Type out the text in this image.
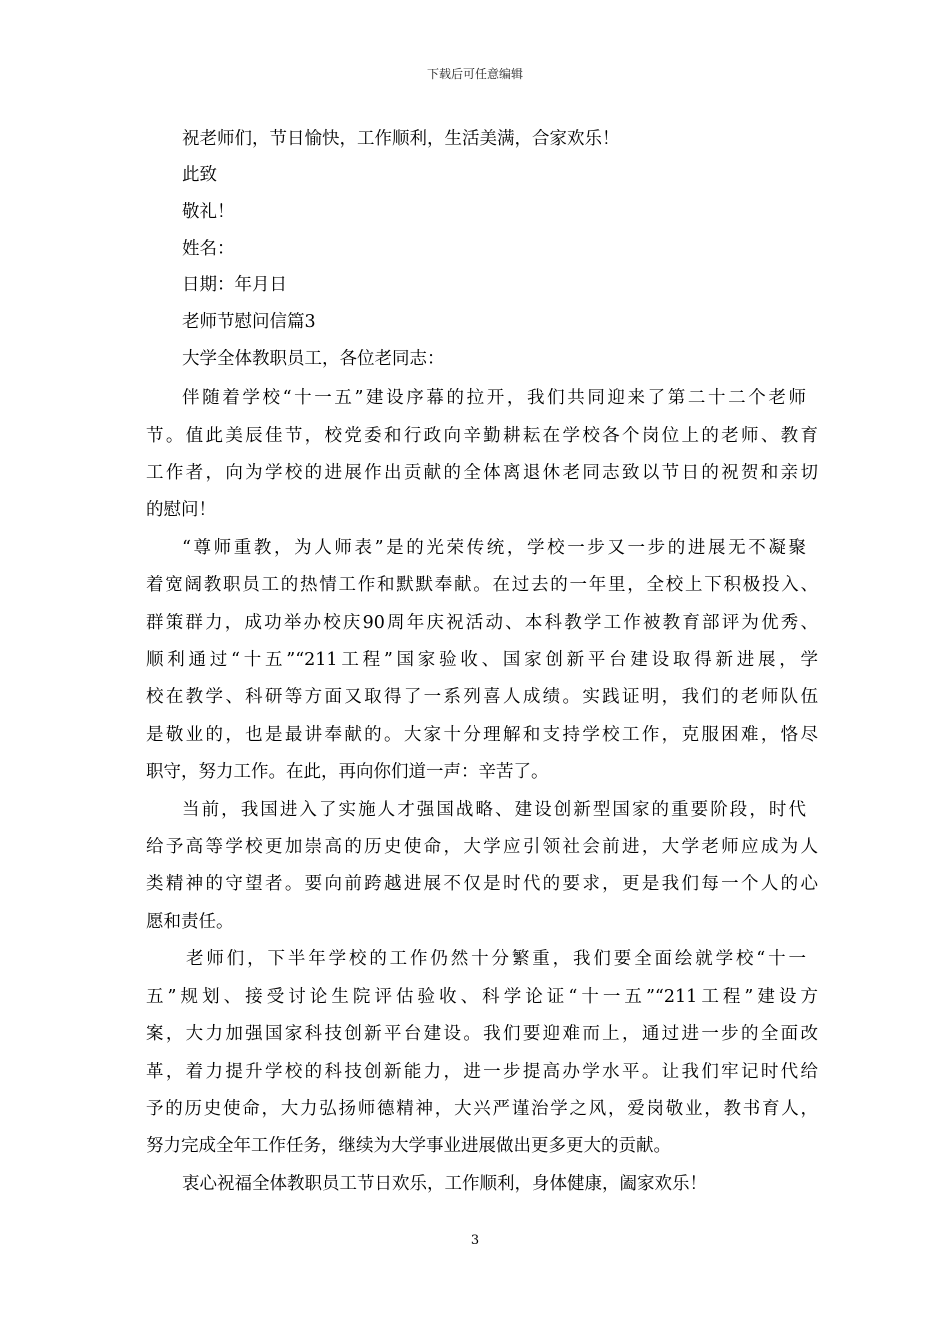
下载后可任意编辑
祝老师们，节日愉快，工作顺利，生活美满，合家欢乐！
此致
敬礼！
姓名：
日期：年月日
老师节慰问信篇3
大学全体教职员工，各位老同志：
伴随着学校“十一五”建设序幕的拉开，我们共同迎来了第二十二个老师
节。值此美辰佳节，校党委和行政向辛勤耕耘在学校各个岗位上的老师、教育
工作者，向为学校的进展作出贡献的全体离退休老同志致以节日的祝贺和亲切
的慰问！
“尊师重教，为人师表”是的光荣传统，学校一步又一步的进展无不凝聚
着宽阔教职员工的热情工作和默默奉献。在过去的一年里，全校上下积极投入、
群策群力，成功举办校庆90周年庆祝活动、本科教学工作被教育部评为优秀、
顺利通过“十五”“211工程”国家验收、国家创新平台建设取得新进展，学
校在教学、科研等方面又取得了一系列喜人成绩。实践证明，我们的老师队伍
是敬业的，也是最讲奉献的。大家十分理解和支持学校工作，克服困难，恪尽
职守，努力工作。在此，再向你们道一声：辛苦了。
当前，我国进入了实施人才强国战略、建设创新型国家的重要阶段，时代
给予高等学校更加崇高的历史使命，大学应引领社会前进，大学老师应成为人
类精神的守望者。要向前跨越进展不仅是时代的要求，更是我们每一个人的心
愿和责任。
老师们，下半年学校的工作仍然十分繁重，我们要全面绘就学校“十一
五”规划、接受讨论生院评估验收、科学论证“十一五”“211工程”建设方
案，大力加强国家科技创新平台建设。我们要迎难而上，通过进一步的全面改
革，着力提升学校的科技创新能力，进一步提高办学水平。让我们牢记时代给
予的历史使命，大力弘扬师德精神，大兴严谨治学之风，爱岗敬业，教书育人，
努力完成全年工作任务，继续为大学事业进展做出更多更大的贡献。
衷心祝福全体教职员工节日欢乐，工作顺利，身体健康，阖家欢乐！
3
